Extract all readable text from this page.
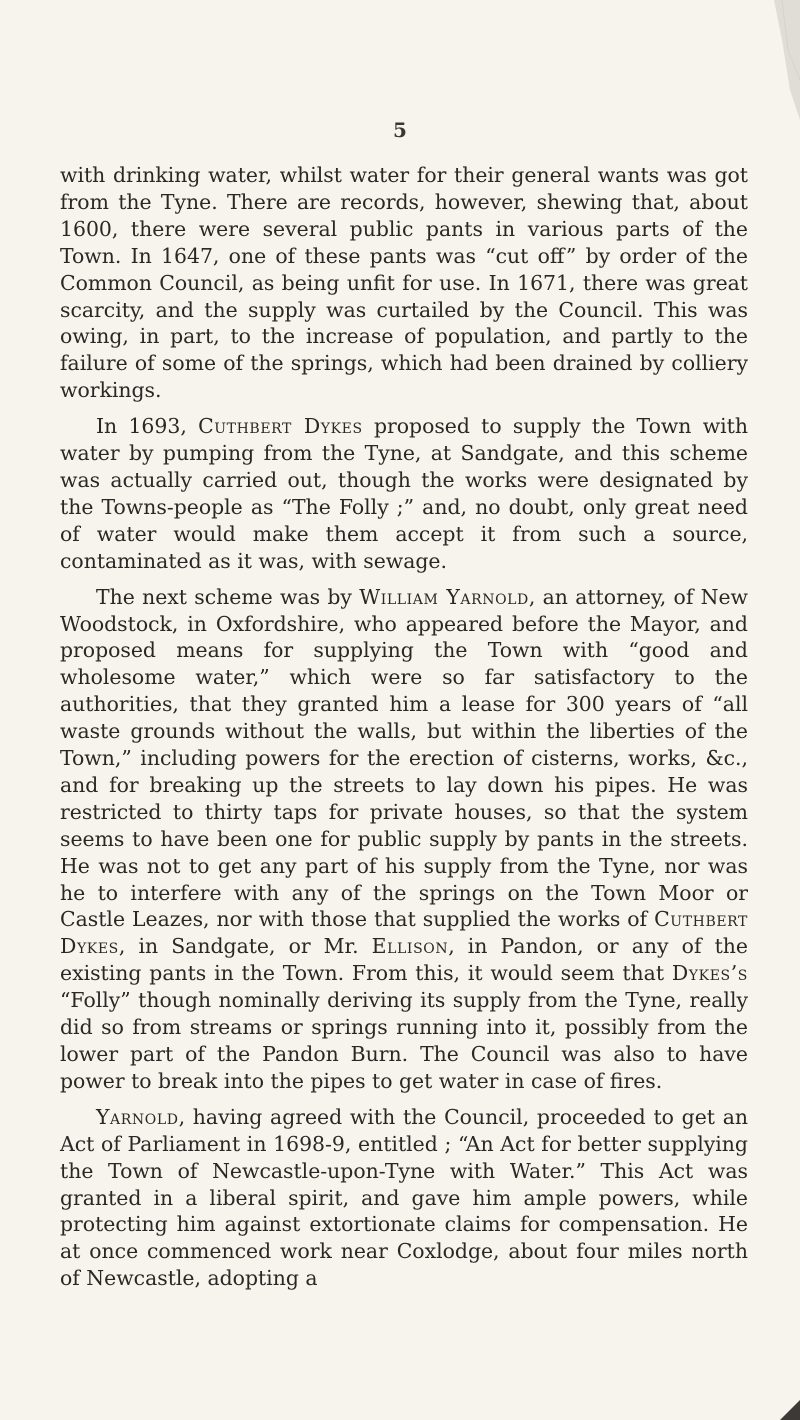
5

with drinking water, whilst water for their general wants was got from the Tyne. There are records, however, shewing that, about 1600, there were several public pants in various parts of the Town. In 1647, one of these pants was “cut off” by order of the Common Council, as being unfit for use. In 1671, there was great scarcity, and the supply was curtailed by the Council. This was owing, in part, to the increase of population, and partly to the failure of some of the springs, which had been drained by colliery workings.

In 1693, Cuthbert Dykes proposed to supply the Town with water by pumping from the Tyne, at Sandgate, and this scheme was actually carried out, though the works were designated by the Towns-people as “The Folly ;” and, no doubt, only great need of water would make them accept it from such a source, contaminated as it was, with sewage.

The next scheme was by William Yarnold, an attorney, of New Woodstock, in Oxfordshire, who appeared before the Mayor, and proposed means for supplying the Town with “good and wholesome water,” which were so far satisfactory to the authorities, that they granted him a lease for 300 years of “all waste grounds without the walls, but within the liberties of the Town,” including powers for the erection of cisterns, works, &c., and for breaking up the streets to lay down his pipes. He was restricted to thirty taps for private houses, so that the system seems to have been one for public supply by pants in the streets. He was not to get any part of his supply from the Tyne, nor was he to interfere with any of the springs on the Town Moor or Castle Leazes, nor with those that supplied the works of Cuthbert Dykes, in Sandgate, or Mr. Ellison, in Pandon, or any of the existing pants in the Town. From this, it would seem that Dykes’s “Folly” though nominally deriving its supply from the Tyne, really did so from streams or springs running into it, possibly from the lower part of the Pandon Burn. The Council was also to have power to break into the pipes to get water in case of fires.

Yarnold, having agreed with the Council, proceeded to get an Act of Parliament in 1698-9, entitled ; “An Act for better supplying the Town of Newcastle-upon-Tyne with Water.” This Act was granted in a liberal spirit, and gave him ample powers, while protecting him against extortionate claims for compensation. He at once commenced work near Coxlodge, about four miles north of Newcastle, adopting a
